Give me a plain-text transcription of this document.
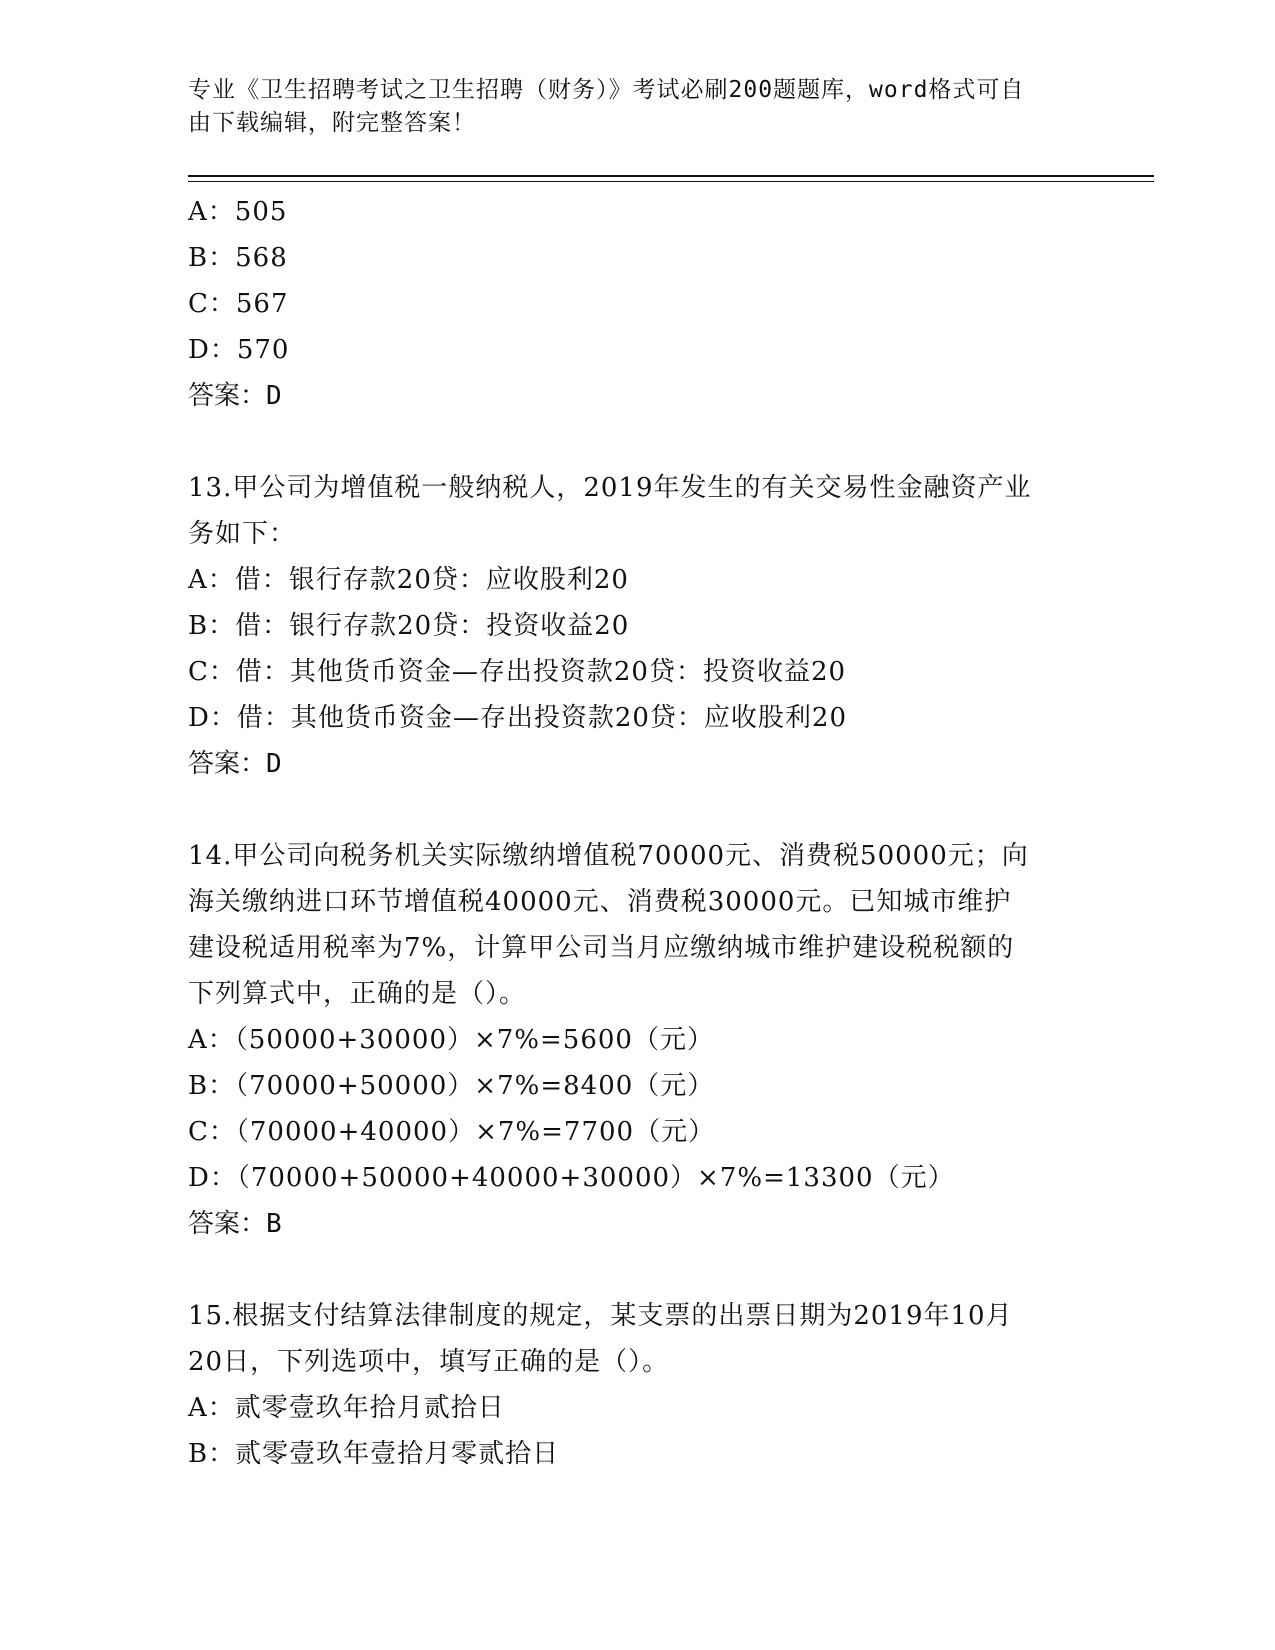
专业《卫生招聘考试之卫生招聘（财务）》考试必刷200题题库，word格式可自
由下载编辑，附完整答案！
A：505
B：568
C：567
D：570
答案：D
13.甲公司为增值税一般纳税人，2019年发生的有关交易性金融资产业
务如下：
A：借：银行存款20贷：应收股利20
B：借：银行存款20贷：投资收益20
C：借：其他货币资金—存出投资款20贷：投资收益20
D：借：其他货币资金—存出投资款20贷：应收股利20
答案：D
14.甲公司向税务机关实际缴纳增值税70000元、消费税50000元；向
海关缴纳进口环节增值税40000元、消费税30000元。已知城市维护
建设税适用税率为7%，计算甲公司当月应缴纳城市维护建设税税额的
下列算式中，正确的是（）。
A：（50000+30000）×7%=5600（元）
B：（70000+50000）×7%=8400（元）
C：（70000+40000）×7%=7700（元）
D：（70000+50000+40000+30000）×7%=13300（元）
答案：B
15.根据支付结算法律制度的规定，某支票的出票日期为2019年10月
20日，下列选项中，填写正确的是（）。
A：贰零壹玖年拾月贰拾日
B：贰零壹玖年壹拾月零贰拾日
